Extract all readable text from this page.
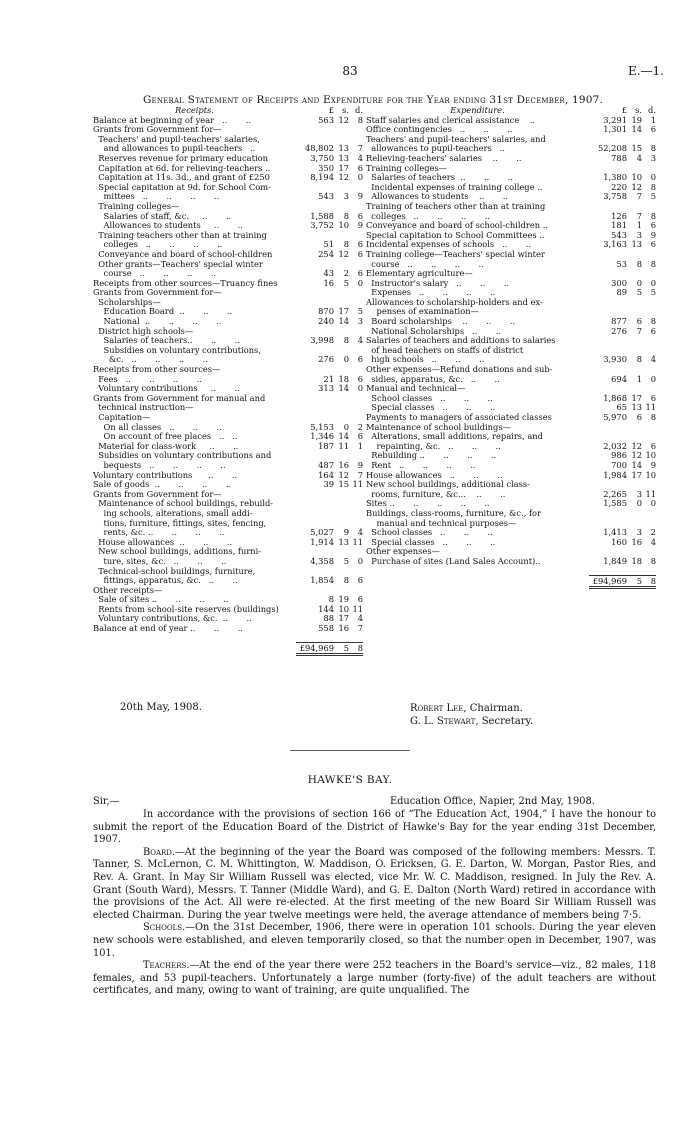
83	E.—1.
General Statement of Receipts and Expenditure for the Year ending 31st December, 1907.
Receipts.	£ s. d.
Balance at beginning of year   ..       ..	563 12	8
Grants from Government for—
Teachers' and pupil-teachers' salaries,
and allowances to pupil-teachers   ..	48,802 13	7
Reserves revenue for primary education	3,750 13	4
Capitation at 6d. for relieving-teachers ..	350 17	6
Capitation at 11s. 3d., and grant of £250	8,194 12	0
Special capitation at 9d. for School Com-
mittees   ..       ..       ..       ..	543	3	9
Training colleges—
Salaries of staff, &c.     ..       ..	1,588	8	6
Allowances to students     ..       ..	3,752 10	9
Training teachers other than at training
colleges   ..       ..       ..       ..	51	8	6
Conveyance and board of school-children	254 12	6
Other grants—Teachers' special winter
course   ..       ..       ..       ..	43	2	6
Receipts from other sources—Truancy fines	16	5	0
Grants from Government for—
Scholarships—
Education Board  ..       ..       ..	870 17	5
National  ..       ..       ..       ..	240 14	3
District high schools—
Salaries of teachers..       ..       ..	3,998	8	4
Subsidies on voluntary contributions,
&c.   ..       ..       ..       ..	276	0	6
Receipts from other sources—
Fees   ..       ..       ..       ..	21 18	6
Voluntary contributions     ..       ..	313 14	0
Grants from Government for manual and
technical instruction—
Capitation—
On all classes   ..       ..       ..	5,153	0	2
On account of free places   ..   ..	1,346 14	6
Material for class-work     ..       ..	187 11	1
Subsidies on voluntary contributions and
bequests   ..       ..       ..       ..	487 16	9
Voluntary contributions      ..       ..	164 12	7
Sale of goods  ..       ..       ..       ..	39 15 11
Grants from Government for—
Maintenance of school buildings, rebuild-
ing schools, alterations, small addi-
tions, furniture, fittings, sites, fencing,
rents, &c. ..       ..       ..       ..	5,027	9	4
House allowances  ..       ..       ..	1,914 13 11
New school buildings, additions, furni-
ture, sites, &c.   ..       ..       ..	4,358	5	0
Technical-school buildings, furniture,
fittings, apparatus, &c.   ..       ..	1,854	8	6
Other receipts—
Sale of sites ..       ..       ..       ..	8 19	6
Rents from school-site reserves (buildings)	144 10 11
Voluntary contributions, &c.  ..       ..	88 17	4
Balance at end of year ..       ..       ..	558 16	7
£94,969	5	8
Expenditure.	£ s. d.
Staff salaries and clerical assistance    ..	3,291 19	1
Office contingencies   ..       ..       ..	1,301 14	6
Teachers' and pupil-teachers' salaries, and
allowances to pupil-teachers   ..	52,208 15	8
Relieving-teachers' salaries    ..       ..	788	4	3
Training colleges—
Salaries of teachers  ..       ..       ..	1,380 10	0
Incidental expenses of training college ..	220 12	8
Allowances to students    ..       ..	3,758	7	5
Training of teachers other than at training
colleges   ..       ..       ..       ..	126	7	8
Conveyance and board of school-children ..	181	1	6
Special capitation to School Committees ..	543	3	9
Incidental expenses of schools   ..       ..	3,163 13	6
Training college—Teachers' special winter
course   ..       ..       ..       ..	53	8	8
Elementary agriculture—
Instructor's salary   ..       ..       ..	300	0	0
Expenses   ..       ..       ..       ..	89	5	5
Allowances to scholarship-holders and ex-
penses of examination—
Board scholarships    ..       ..       ..	877	6	8
National Scholarships   ..       ..	276	7	6
Salaries of teachers and additions to salaries
of head teachers on staffs of district
high schools   ..       ..       ..	3,930	8	4
Other expenses—Refund donations and sub-
sidies, apparatus, &c.   ..       ..	694	1	0
Manual and technical—
School classes   ..       ..       ..	1,868 17	6
Special classes   ..       ..       ..	65 13 11
Payments to managers of associated classes	5,970	6	8
Maintenance of school buildings—
Alterations, small additions, repairs, and
repainting, &c.   ..       ..       ..	2,032 12	6
Rebuilding ..       ..       ..       ..	986 12 10
Rent   ..       ..       ..       ..	700 14	9
House allowances   ..       ..       ..	1,984 17 10
New school buildings, additional class-
rooms, furniture, &c...    ..       ..	2,265	3 11
Sites ..       ..       ..       ..       ..	1,585	0	0
Buildings, class-rooms, furniture, &c., for
manual and technical purposes—
School classes   ..       ..       ..	1,413	3	2
Special classes   ..       ..       ..	160 16	4
Other expenses—
Purchase of sites (Land Sales Account)..	1,849 18	8
£94,969	5	8
20th May, 1908.	Robert Lee, Chairman.
G. L. Stewart, Secretary.
HAWKE'S BAY.
Sir,—	Education Office, Napier, 2nd May, 1908.

In accordance with the provisions of section 166 of “The Education Act, 1904,” I have the honour to submit the report of the Education Board of the District of Hawke's Bay for the year ending 31st December, 1907.

Board.—At the beginning of the year the Board was composed of the following members: Messrs. T. Tanner, S. McLernon, C. M. Whittington, W. Maddison, O. Ericksen, G. E. Darton, W. Morgan, Pastor Ries, and Rev. A. Grant. In May Sir William Russell was elected, vice Mr. W. C. Maddison, resigned. In July the Rev. A. Grant (South Ward), Messrs. T. Tanner (Middle Ward), and G. E. Dalton (North Ward) retired in accordance with the provisions of the Act. All were re-elected. At the first meeting of the new Board Sir William Russell was elected Chairman. During the year twelve meetings were held, the average attendance of members being 7·5.

Schools.—On the 31st December, 1906, there were in operation 101 schools. During the year eleven new schools were established, and eleven temporarily closed, so that the number open in December, 1907, was 101.

Teachers.—At the end of the year there were 252 teachers in the Board's service—viz., 82 males, 118 females, and 53 pupil-teachers. Unfortunately a large number (forty-five) of the adult teachers are without certificates, and many, owing to want of training, are quite unqualified. The
